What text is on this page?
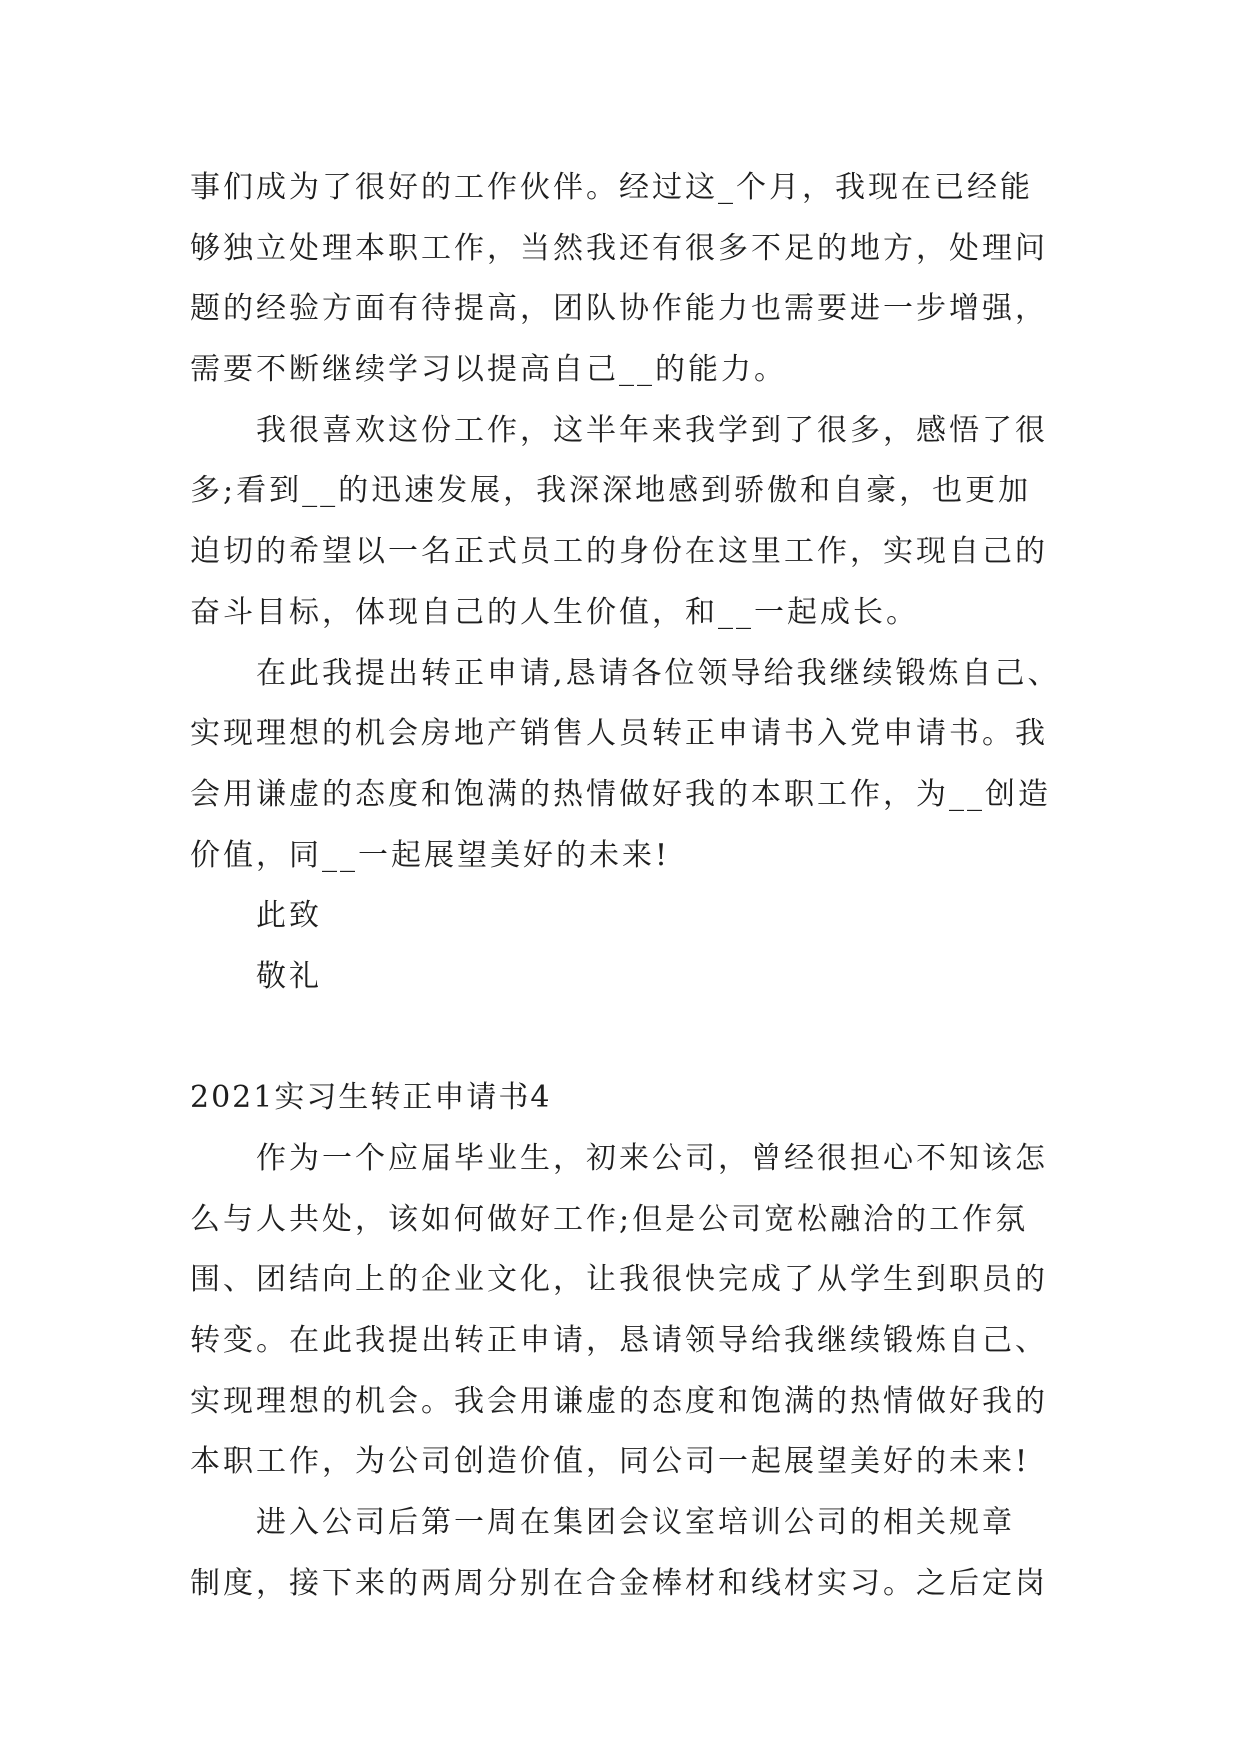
事们成为了很好的工作伙伴。经过这_个月，我现在已经能
够独立处理本职工作，当然我还有很多不足的地方，处理问
题的经验方面有待提高，团队协作能力也需要进一步增强，
需要不断继续学习以提高自己__的能力。
我很喜欢这份工作，这半年来我学到了很多，感悟了很
多;看到__的迅速发展，我深深地感到骄傲和自豪，也更加
迫切的希望以一名正式员工的身份在这里工作，实现自己的
奋斗目标，体现自己的人生价值，和__一起成长。
在此我提出转正申请,恳请各位领导给我继续锻炼自己、
实现理想的机会房地产销售人员转正申请书入党申请书。我
会用谦虚的态度和饱满的热情做好我的本职工作，为__创造
价值，同__一起展望美好的未来!
此致
敬礼
2021实习生转正申请书4
作为一个应届毕业生，初来公司，曾经很担心不知该怎
么与人共处，该如何做好工作;但是公司宽松融洽的工作氛
围、团结向上的企业文化，让我很快完成了从学生到职员的
转变。在此我提出转正申请，恳请领导给我继续锻炼自己、
实现理想的机会。我会用谦虚的态度和饱满的热情做好我的
本职工作，为公司创造价值，同公司一起展望美好的未来!
进入公司后第一周在集团会议室培训公司的相关规章
制度，接下来的两周分别在合金棒材和线材实习。之后定岗
